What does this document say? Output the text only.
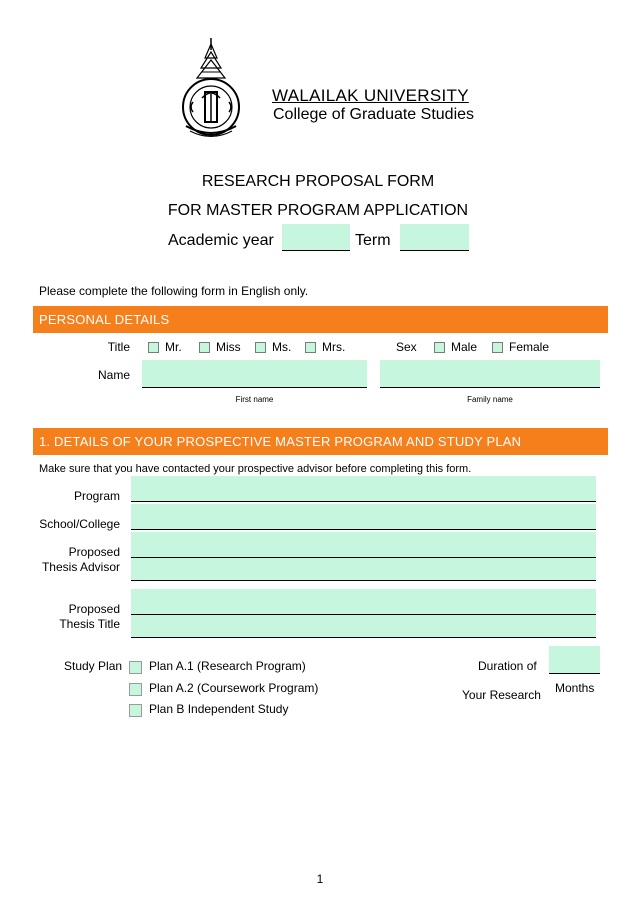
WALAILAK UNIVERSITY
College of Graduate Studies
RESEARCH PROPOSAL FORM
FOR MASTER PROGRAM APPLICATION
Academic year	Term
Please complete the following form in English only.
PERSONAL DETAILS
Title	Mr.	Miss	Ms.	Mrs.	Sex	Male	Female
Name
First name	Family name
1. DETAILS OF YOUR PROSPECTIVE MASTER PROGRAM AND STUDY PLAN
Make sure that you have contacted your prospective advisor before completing this form.
Program
School/College
Proposed
Thesis Advisor
Proposed
Thesis Title
Study Plan Plan A.1 (Research Program)
Plan A.2 (Coursework Program)
Plan B Independent Study
Duration of
Your Research Months
1
